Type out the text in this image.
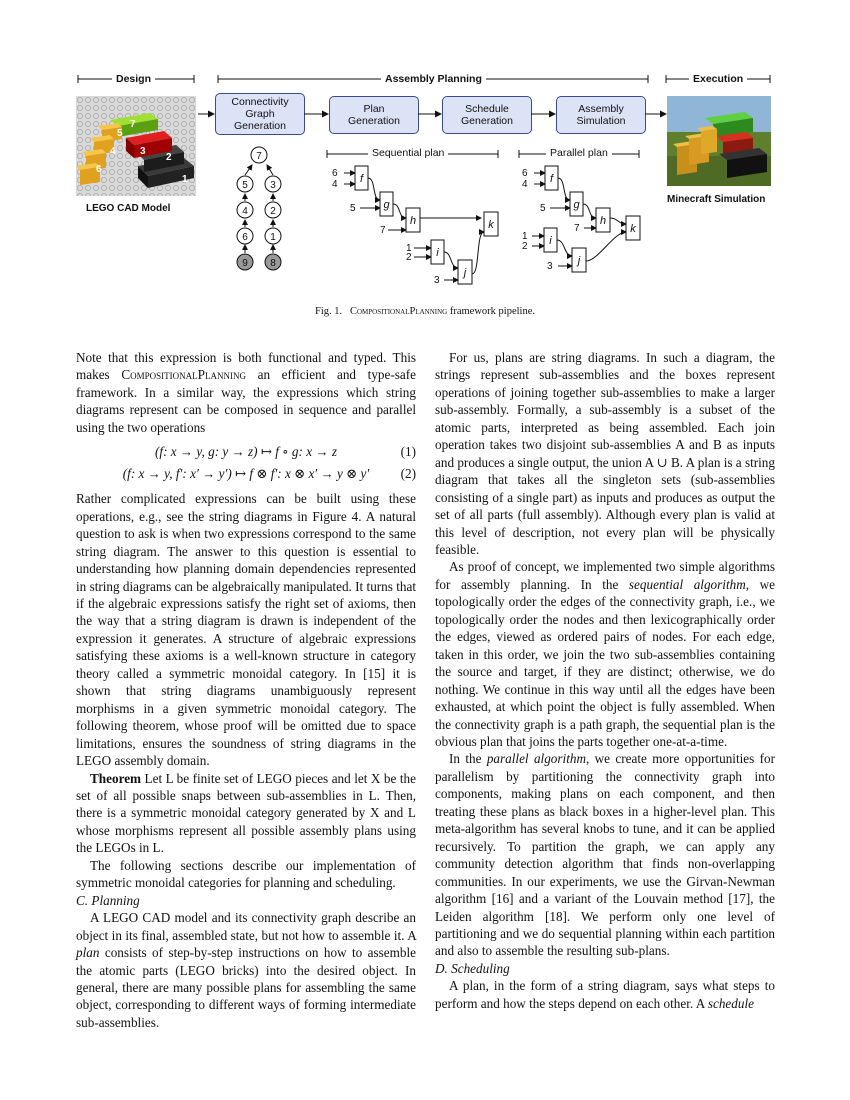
Design	Assembly Planning	Execution
7
5
4
6
3
2
1
LEGO CAD Model
Connectivity
Graph
Generation
Plan
Generation
Schedule
Generation
Assembly
Simulation
7
5
4
6
9
3
2
1
8
Sequential plan	Parallel plan
f
g
h
i
j
k
6
4
5
7
1
2
3
f
g
h
i
j
k
6
4
5
7
1
2
3
Minecraft Simulation
Fig. 1. CompositionalPlanning framework pipeline.

Note that this expression is both functional and typed. This makes CompositionalPlanning an efficient and type-safe framework. In a similar way, the expressions which string diagrams represent can be composed in sequence and parallel using the two operations

(f: x → y, g: y → z) ↦ f ∘ g: x → z	(1)
(f: x → y, f′: x′ → y′) ↦ f ⊗ f′: x ⊗ x′ → y ⊗ y′ (2)

Rather complicated expressions can be built using these operations, e.g., see the string diagrams in Figure 4. A natural question to ask is when two expressions correspond to the same string diagram. The answer to this question is essential to understanding how planning domain dependencies represented in string diagrams can be algebraically manipulated. It turns that if the algebraic expressions satisfy the right set of axioms, then the way that a string diagram is drawn is independent of the expression it generates. A structure of algebraic expressions satisfying these axioms is a well-known structure in category theory called a symmetric monoidal category. In [15] it is shown that string diagrams unambiguously represent morphisms in a given symmetric monoidal category. The following theorem, whose proof will be omitted due to space limitations, ensures the soundness of string diagrams in the LEGO assembly domain.

Theorem Let L be finite set of LEGO pieces and let X be the set of all possible snaps between sub-assemblies in L. Then, there is a symmetric monoidal category generated by X and L whose morphisms represent all possible assembly plans using the LEGOs in L.

The following sections describe our implementation of symmetric monoidal categories for planning and scheduling.

C. Planning

A LEGO CAD model and its connectivity graph describe an object in its final, assembled state, but not how to assemble it. A plan consists of step-by-step instructions on how to assemble the atomic parts (LEGO bricks) into the desired object. In general, there are many possible plans for assembling the same object, corresponding to different ways of forming intermediate sub-assemblies.

For us, plans are string diagrams. In such a diagram, the strings represent sub-assemblies and the boxes represent operations of joining together sub-assemblies to make a larger sub-assembly. Formally, a sub-assembly is a subset of the atomic parts, interpreted as being assembled. Each join operation takes two disjoint sub-assemblies A and B as inputs and produces a single output, the union A ∪ B. A plan is a string diagram that takes all the singleton sets (sub-assemblies consisting of a single part) as inputs and produces as output the set of all parts (full assembly). Although every plan is valid at this level of description, not every plan will be physically feasible.

As proof of concept, we implemented two simple algorithms for assembly planning. In the sequential algorithm, we topologically order the edges of the connectivity graph, i.e., we topologically order the nodes and then lexicographically order the edges, viewed as ordered pairs of nodes. For each edge, taken in this order, we join the two sub-assemblies containing the source and target, if they are distinct; otherwise, we do nothing. We continue in this way until all the edges have been exhausted, at which point the object is fully assembled. When the connectivity graph is a path graph, the sequential plan is the obvious plan that joins the parts together one-at-a-time.

In the parallel algorithm, we create more opportunities for parallelism by partitioning the connectivity graph into components, making plans on each component, and then treating these plans as black boxes in a higher-level plan. This meta-algorithm has several knobs to tune, and it can be applied recursively. To partition the graph, we can apply any community detection algorithm that finds non-overlapping communities. In our experiments, we use the Girvan-Newman algorithm [16] and a variant of the Louvain method [17], the Leiden algorithm [18]. We perform only one level of partitioning and we do sequential planning within each partition and also to assemble the resulting sub-plans.

D. Scheduling

A plan, in the form of a string diagram, says what steps to perform and how the steps depend on each other. A schedule
